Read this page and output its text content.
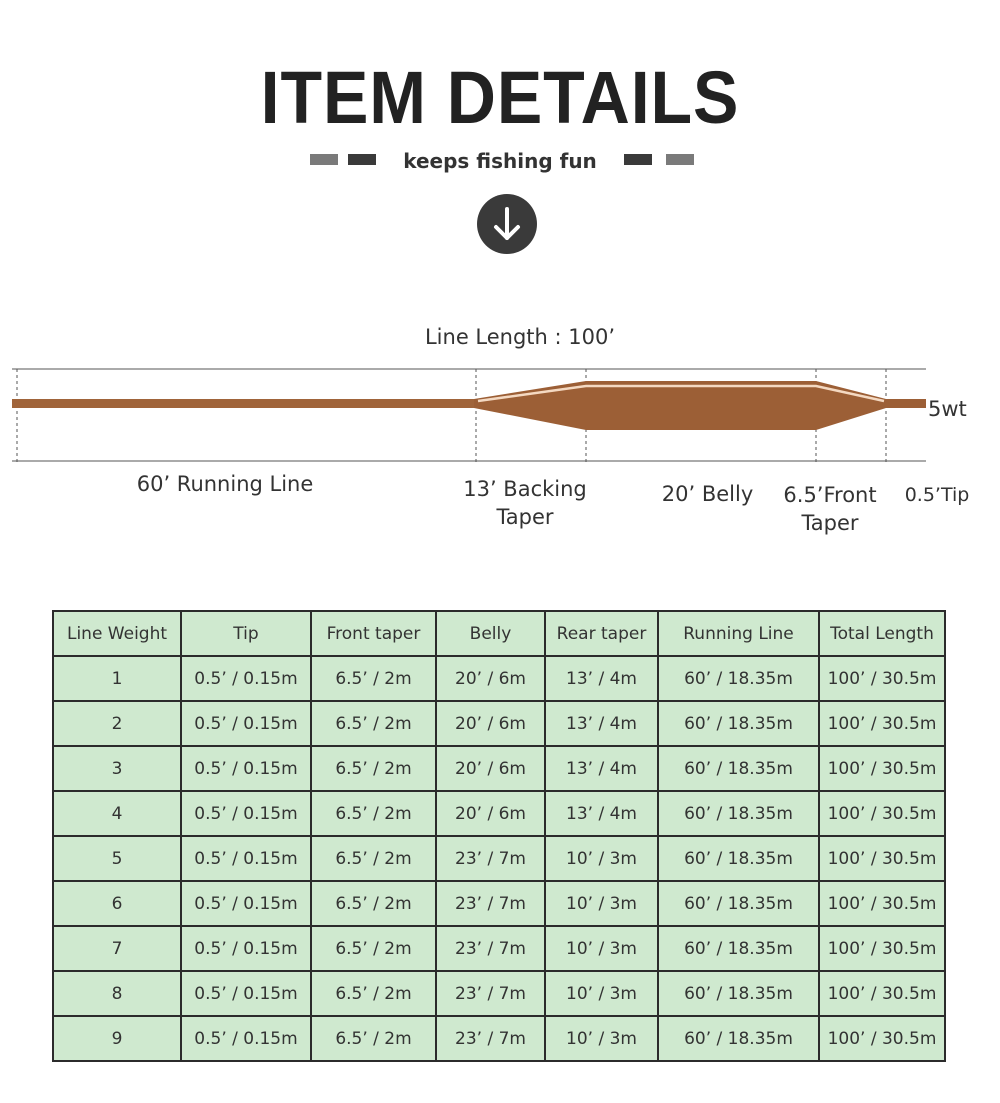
ITEM DETAILS
keeps fishing fun
Line Length : 100’
5wt
60’ Running Line	13’ Backing
Taper
20’ Belly	6.5’Front
Taper
0.5’Tip
Line Weight	Tip	Front taper	Belly	Rear taper	Running Line	Total Length
1	0.5’ / 0.15m	6.5’ / 2m	20’ / 6m	13’ / 4m	60’ / 18.35m	100’ / 30.5m
2	0.5’ / 0.15m	6.5’ / 2m	20’ / 6m	13’ / 4m	60’ / 18.35m	100’ / 30.5m
3	0.5’ / 0.15m	6.5’ / 2m	20’ / 6m	13’ / 4m	60’ / 18.35m	100’ / 30.5m
4	0.5’ / 0.15m	6.5’ / 2m	20’ / 6m	13’ / 4m	60’ / 18.35m	100’ / 30.5m
5	0.5’ / 0.15m	6.5’ / 2m	23’ / 7m	10’ / 3m	60’ / 18.35m	100’ / 30.5m
6	0.5’ / 0.15m	6.5’ / 2m	23’ / 7m	10’ / 3m	60’ / 18.35m	100’ / 30.5m
7	0.5’ / 0.15m	6.5’ / 2m	23’ / 7m	10’ / 3m	60’ / 18.35m	100’ / 30.5m
8	0.5’ / 0.15m	6.5’ / 2m	23’ / 7m	10’ / 3m	60’ / 18.35m	100’ / 30.5m
9	0.5’ / 0.15m	6.5’ / 2m	23’ / 7m	10’ / 3m	60’ / 18.35m	100’ / 30.5m
